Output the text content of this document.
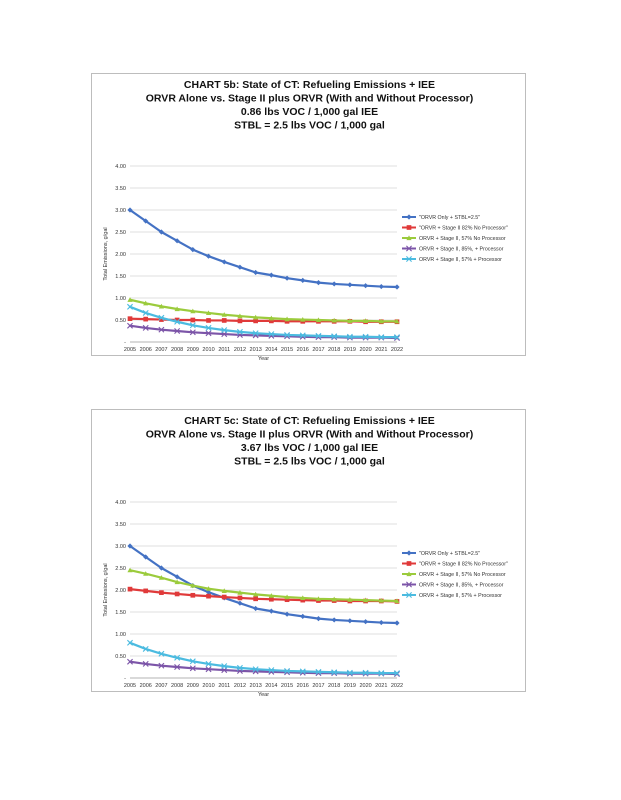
CHART 5b: State of CT: Refueling Emissions + IEE
ORVR Alone vs. Stage II plus ORVR (With and Without Processor)
0.86 lbs VOC / 1,000 gal IEE
STBL = 2.5 lbs VOC / 1,000 gal
-
0.50
1.00
1.50
2.00
2.50
3.00
3.50
4.00
2005 2006 2007 2008 2009 2010 2011 2012 2013 2014 2015 2016 2017 2018 2019 2020 2021 2022
Year
Total Emissions, g/gal
"ORVR Only + STBL=2.5"
"ORVR + Stage II 82% No Processor"
ORVR + Stage II, 57% No Processor
ORVR + Stage II, 85%, + Processor
ORVR + Stage II, 57% + Processor
CHART 5c: State of CT: Refueling Emissions + IEE
ORVR Alone vs. Stage II plus ORVR (With and Without Processor)
3.67 lbs VOC / 1,000 gal IEE
STBL = 2.5 lbs VOC / 1,000 gal
-
0.50
1.00
1.50
2.00
2.50
3.00
3.50
4.00
2005 2006 2007 2008 2009 2010 2011 2012 2013 2014 2015 2016 2017 2018 2019 2020 2021 2022
Year
Total Emissions, g/gal
"ORVR Only + STBL=2.5"
"ORVR + Stage II 82% No Processor"
ORVR + Stage II, 57% No Processor
ORVR + Stage II, 85%, + Processor
ORVR + Stage II, 57% + Processor
